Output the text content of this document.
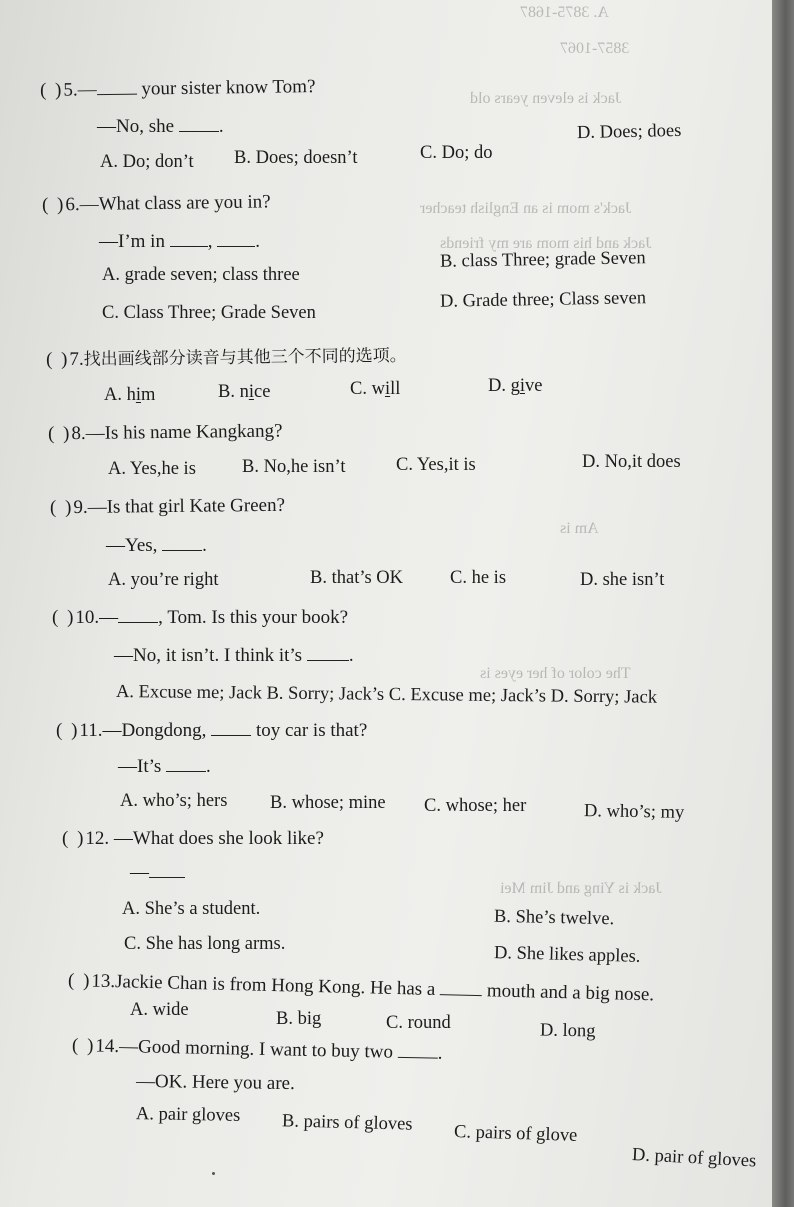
A. 3875-1687
3857-1067
Jack is eleven years old
Jack's mom is an English teacher
Jack and his mom are my friends
Am is
The color of her eyes is
Jack is Ying and Jim Mei
( )5.— your sister know Tom?
—No, she .
A. Do; don’t B. Does; doesn’t	C. Do; do
D. Does; does
( )6.—What class are you in?
—I’m in , .
A. grade seven; class three
B. class Three; grade Seven
C. Class Three; Grade Seven
D. Grade three; Class seven
( )7.找出画线部分读音与其他三个不同的选项。
A. him	B. nice	C. will	D. give
( )8.—Is his name Kangkang?
A. Yes,he is B. No,he isn’t	C. Yes,it is	D. No,it does
( )9.—Is that girl Kate Green?
—Yes, .
A. you’re right	B. that’s OK	C. he is	D. she isn’t
( )10.— , Tom. Is this your book?
—No, it isn’t. I think it’s .
A. Excuse me; Jack B. Sorry; Jack’s C. Excuse me; Jack’s D. Sorry; Jack
( )11.—Dongdong,  toy car is that?
—It’s .
A. who’s; hers B. whose; mine C. whose; her	D. who’s; my
( )12. —What does she look like?
—
A. She’s a student.	B. She’s twelve.
C. She has long arms.	D. She likes apples.
( )13.Jackie Chan is from Hong Kong. He has a  mouth and a big nose.
A. wide	B. big	C. round	D. long
( )14.—Good morning. I want to buy two .
—OK. Here you are.
A. pair gloves B. pairs of gloves C. pairs of glove
D. pair of gloves
